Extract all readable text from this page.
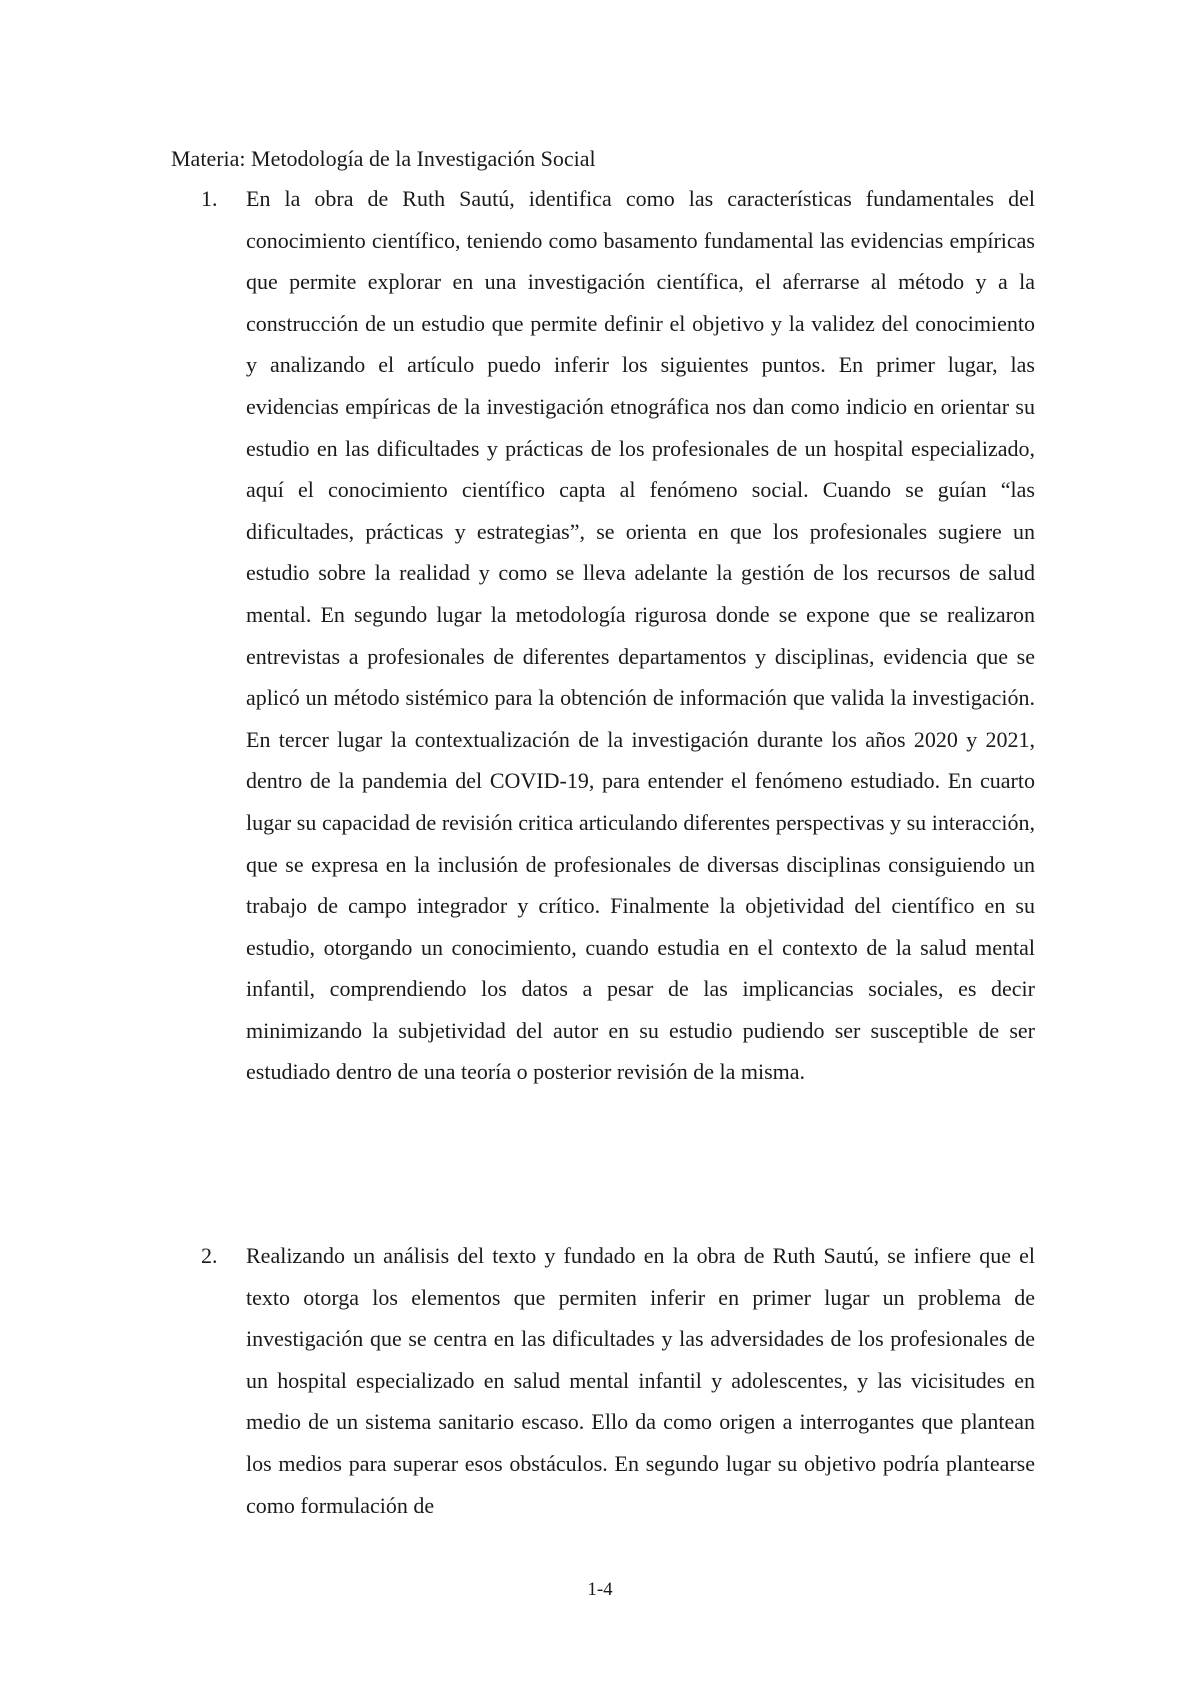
Materia: Metodología de la Investigación Social
1. En la obra de Ruth Sautú, identifica como las características fundamentales del conocimiento científico, teniendo como basamento fundamental las evidencias empíricas que permite explorar en una investigación científica, el aferrarse al método y a la construcción de un estudio que permite definir el objetivo y la validez del conocimiento y analizando el artículo puedo inferir los siguientes puntos. En primer lugar, las evidencias empíricas de la investigación etnográfica nos dan como indicio en orientar su estudio en las dificultades y prácticas de los profesionales de un hospital especializado, aquí el conocimiento científico capta al fenómeno social. Cuando se guían “las dificultades, prácticas y estrategias”, se orienta en que los profesionales sugiere un estudio sobre la realidad y como se lleva adelante la gestión de los recursos de salud mental. En segundo lugar la metodología rigurosa donde se expone que se realizaron entrevistas a profesionales de diferentes departamentos y disciplinas, evidencia que se aplicó un método sistémico para la obtención de información que valida la investigación. En tercer lugar la contextualización de la investigación durante los años 2020 y 2021, dentro de la pandemia del COVID-19, para entender el fenómeno estudiado. En cuarto lugar su capacidad de revisión critica articulando diferentes perspectivas y su interacción, que se expresa en la inclusión de profesionales de diversas disciplinas consiguiendo un trabajo de campo integrador y crítico. Finalmente la objetividad del científico en su estudio, otorgando un conocimiento, cuando estudia en el contexto de la salud mental infantil, comprendiendo los datos a pesar de las implicancias sociales, es decir minimizando la subjetividad del autor en su estudio pudiendo ser susceptible de ser estudiado dentro de una teoría o posterior revisión de la misma.
2. Realizando un análisis del texto y fundado en la obra de Ruth Sautú, se infiere que el texto otorga los elementos que permiten inferir en primer lugar un problema de investigación que se centra en las dificultades y las adversidades de los profesionales de un hospital especializado en salud mental infantil y adolescentes, y las vicisitudes en medio de un sistema sanitario escaso. Ello da como origen a interrogantes que plantean los medios para superar esos obstáculos. En segundo lugar su objetivo podría plantearse como formulación de
1-4
